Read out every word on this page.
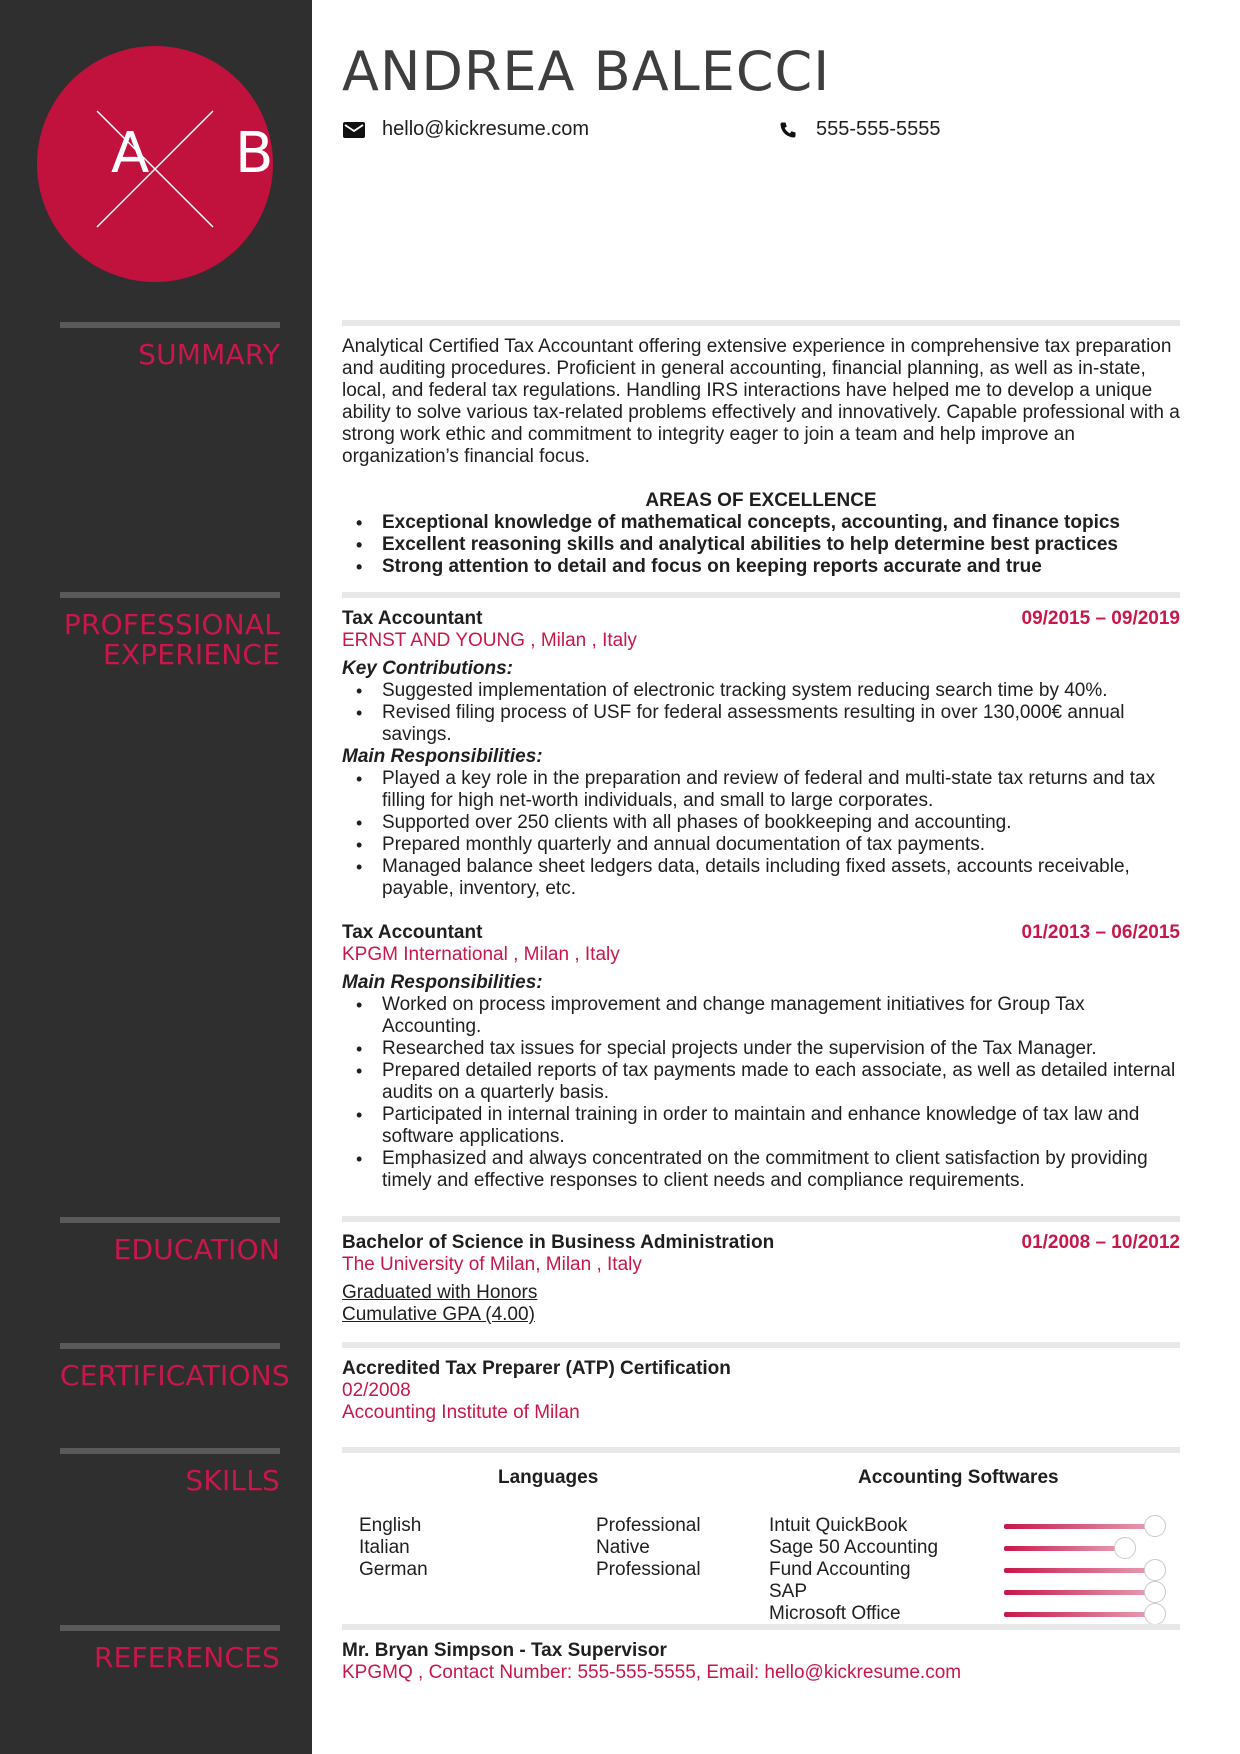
A B
SUMMARY
PROFESSIONAL
EXPERIENCE
EDUCATION
CERTIFICATIONS
SKILLS
REFERENCES
ANDREA BALECCI
hello@kickresume.com	555-555-5555

Analytical Certified Tax Accountant offering extensive experience in comprehensive tax preparation and auditing procedures. Proficient in general accounting, financial planning, as well as in-state, local, and federal tax regulations. Handling IRS interactions have helped me to develop a unique ability to solve various tax-related problems effectively and innovatively. Capable professional with a strong work ethic and commitment to integrity eager to join a team and help improve an organization’s financial focus.

AREAS OF EXCELLENCE
• Exceptional knowledge of mathematical concepts, accounting, and finance topics
• Excellent reasoning skills and analytical abilities to help determine best practices
• Strong attention to detail and focus on keeping reports accurate and true
Tax Accountant	09/2015 – 09/2019
ERNST AND YOUNG , Milan , Italy
Key Contributions:
• Suggested implementation of electronic tracking system reducing search time by 40%.
• Revised filing process of USF for federal assessments resulting in over 130,000€ annual savings.
Main Responsibilities:
• Played a key role in the preparation and review of federal and multi-state tax returns and tax filling for high net-worth individuals, and small to large corporates.
• Supported over 250 clients with all phases of bookkeeping and accounting.
• Prepared monthly quarterly and annual documentation of tax payments.
• Managed balance sheet ledgers data, details including fixed assets, accounts receivable, payable, inventory, etc.
Tax Accountant	01/2013 – 06/2015
KPGM International , Milan , Italy
Main Responsibilities:
• Worked on process improvement and change management initiatives for Group Tax Accounting.
• Researched tax issues for special projects under the supervision of the Tax Manager.
• Prepared detailed reports of tax payments made to each associate, as well as detailed internal audits on a quarterly basis.
• Participated in internal training in order to maintain and enhance knowledge of tax law and software applications.
• Emphasized and always concentrated on the commitment to client satisfaction by providing timely and effective responses to client needs and compliance requirements.
Bachelor of Science in Business Administration	01/2008 – 10/2012
The University of Milan, Milan , Italy
Graduated with Honors
Cumulative GPA (4.00)
Accredited Tax Preparer (ATP) Certification
02/2008
Accounting Institute of Milan
Languages	Accounting Softwares
English	Professional
Italian	Native
German	Professional
Intuit QuickBook
Sage 50 Accounting
Fund Accounting
SAP
Microsoft Office
Mr. Bryan Simpson - Tax Supervisor
KPGMQ , Contact Number: 555-555-5555, Email: hello@kickresume.com
